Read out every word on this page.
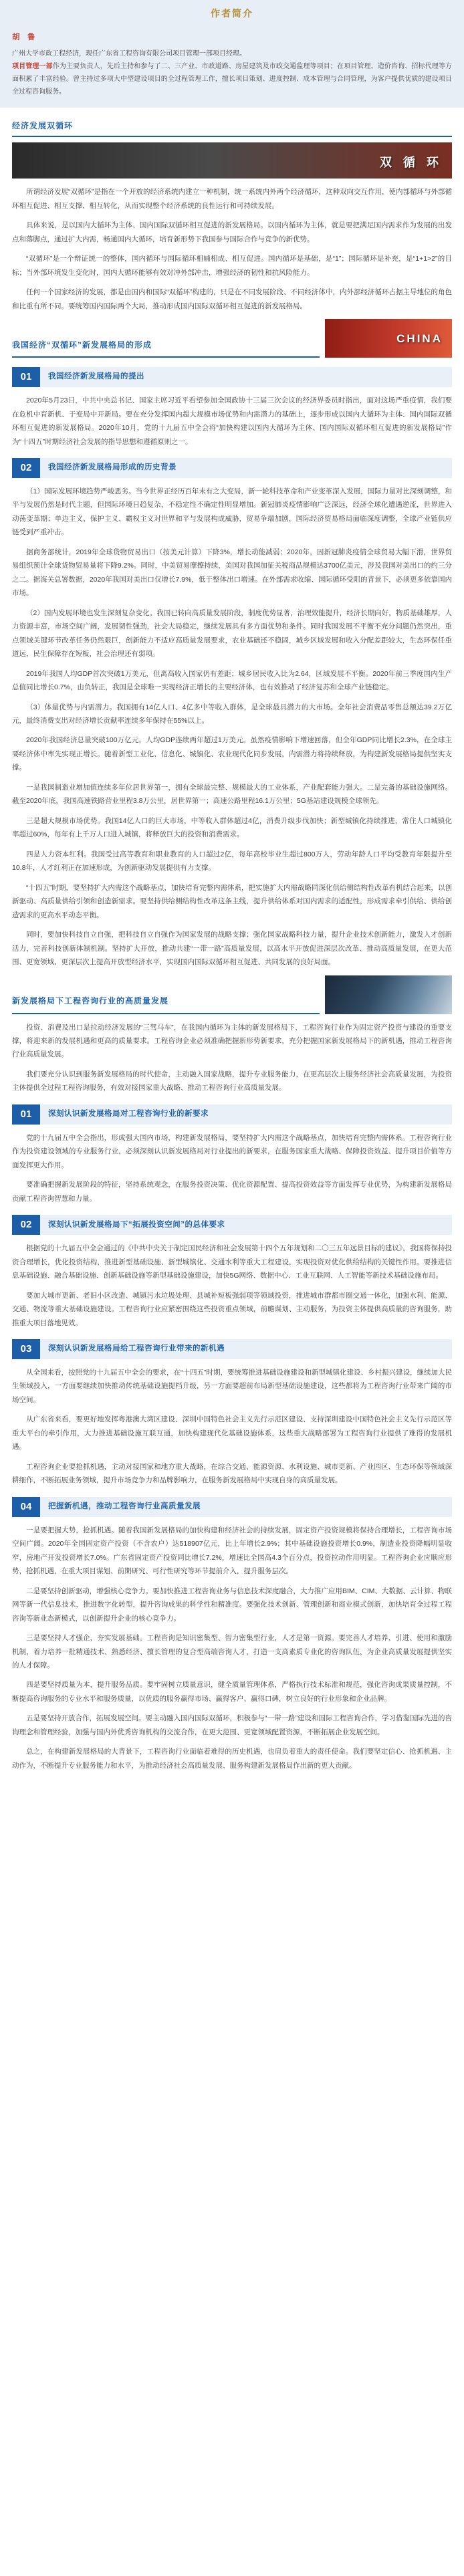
作者简介
胡 鲁
广州大学市政工程经济，现任广东省工程咨询有限公司项目管理一部项目经理。
项目管理一部作为主要负责人，先后主持和参与了二、三产业、市政道路、房屋建筑及市政交通监理等项目；在项目管理、造价咨询、招标代理等方面积累了丰富经验。曾主持过多项大中型建设项目的全过程管理工作，擅长项目策划、进度控制、成本管理与合同管理，为客户提供优质的建设项目全过程咨询服务。
经济发展双循环
双 循 环

所谓经济发展“双循环”是指在一个开放的经济系统内建立一种机制，统一系统内外两个经济循环，这种双向交互作用，使内部循环与外部循环相互促进、相互支撑、相互转化，从而实现整个经济系统的良性运行和可持续发展。

具体来说，是以国内大循环为主体、国内国际双循环相互促进的新发展格局。以国内循环为主体，就是要把满足国内需求作为发展的出发点和落脚点，通过扩大内需，畅通国内大循环，培育新形势下我国参与国际合作与竞争的新优势。

“双循环”是一个辩证统一的整体，国内循环与国际循环相辅相成、相互促进。国内循环是基础，是“1”；国际循环是补充，是“1+1>2”的目标；当外部环境发生变化时，国内大循环能够有效对冲外部冲击，增强经济的韧性和抗风险能力。

任何一个国家经济的发展，都是由国内和国际“双循环”构建的，只是在不同发展阶段、不同经济体中，内外部经济循环占据主导地位的角色和比重有所不同。要统筹国内国际两个大局，推动形成国内国际双循环相互促进的新发展格局。

我国经济“双循环”新发展格局的形成	CHINA
01	我国经济新发展格局的提出

2020年5月23日，中共中央总书记、国家主席习近平看望参加全国政协十三届三次会议的经济界委员时指出，面对这场严重疫情，我们要在危机中育新机、于变局中开新局。要在充分发挥国内超大规模市场优势和内需潜力的基础上，逐步形成以国内大循环为主体、国内国际双循环相互促进的新发展格局。2020年10月，党的十九届五中全会将“加快构建以国内大循环为主体、国内国际双循环相互促进的新发展格局”作为“十四五”时期经济社会发展的指导思想和遵循原则之一。

02	我国经济新发展格局形成的历史背景

（1）国际发展环境趋势严峻恶劣。当今世界正经历百年未有之大变局，新一轮科技革命和产业变革深入发展，国际力量对比深刻调整，和平与发展仍然是时代主题，但国际环境日趋复杂，不稳定性不确定性明显增加。新冠肺炎疫情影响广泛深远，经济全球化遭遇逆流，世界进入动荡变革期；单边主义、保护主义、霸权主义对世界和平与发展构成威胁，贸易争端加剧，国际经济贸易格局面临深度调整，全球产业链供应链受到严重冲击。

据商务部统计，2019年全球货物贸易出口（按美元计算）下降3%，增长动能减弱；2020年，因新冠肺炎疫情全球贸易大幅下滑，世界贸易组织预计全球货物贸易量将下降9.2%。同时，中美贸易摩擦持续，美国对我国加征关税商品规模达3700亿美元，涉及我国对美出口的约三分之二。据海关总署数据，2020年我国对美出口仅增长7.9%，低于整体出口增速。在外部需求收缩、国际循环受阻的背景下，必须更多依靠国内市场。

（2）国内发展环境也发生深刻复杂变化。我国已转向高质量发展阶段，制度优势显著，治理效能提升，经济长期向好，物质基础雄厚，人力资源丰富，市场空间广阔，发展韧性强劲，社会大局稳定，继续发展具有多方面优势和条件。同时我国发展不平衡不充分问题仍然突出，重点领域关键环节改革任务仍然艰巨，创新能力不适应高质量发展要求，农业基础还不稳固，城乡区域发展和收入分配差距较大，生态环保任重道远，民生保障存在短板，社会治理还有弱项。

2019年我国人均GDP首次突破1万美元，但离高收入国家仍有差距；城乡居民收入比为2.64，区域发展不平衡。2020年前三季度国内生产总值同比增长0.7%，由负转正，我国是全球唯一实现经济正增长的主要经济体，也有效推动了经济复苏和全球产业链稳定。

（3）体量优势与内需潜力。我国拥有14亿人口、4亿多中等收入群体，是全球最具潜力的大市场。全年社会消费品零售总额达39.2万亿元，最终消费支出对经济增长贡献率连续多年保持在55%以上。

2020年我国经济总量突破100万亿元，人均GDP连续两年超过1万美元。虽然疫情影响下增速回落，但全年GDP同比增长2.3%，在全球主要经济体中率先实现正增长。随着新型工业化、信息化、城镇化、农业现代化同步发展，内需潜力将持续释放，为构建新发展格局提供坚实支撑。

一是我国制造业增加值连续多年位居世界第一，拥有全球最完整、规模最大的工业体系，产业配套能力强大。二是完备的基础设施网络。截至2020年底，我国高速铁路营业里程3.8万公里，居世界第一；高速公路里程16.1万公里；5G基站建设规模全球领先。

三是超大规模市场优势。我国14亿人口的巨大市场，中等收入群体超过4亿，消费升级步伐加快；新型城镇化持续推进，常住人口城镇化率超过60%，每年有上千万人口进入城镇，将释放巨大的投资和消费需求。

四是人力资本红利。我国受过高等教育和职业教育的人口超过2亿，每年高校毕业生超过800万人，劳动年龄人口平均受教育年限提升至10.8年，人才红利正在加速形成，为创新驱动发展提供有力支撑。

“十四五”时期，要坚持扩大内需这个战略基点，加快培育完整内需体系，把实施扩大内需战略同深化供给侧结构性改革有机结合起来，以创新驱动、高质量供给引领和创造新需求。要坚持供给侧结构性改革这条主线，提升供给体系对国内需求的适配性，形成需求牵引供给、供给创造需求的更高水平动态平衡。

同时，要加快科技自立自强，把科技自立自强作为国家发展的战略支撑；强化国家战略科技力量，提升企业技术创新能力，激发人才创新活力，完善科技创新体制机制。坚持扩大开放，推动共建“一带一路”高质量发展，以高水平开放促进深层次改革、推动高质量发展，在更大范围、更宽领域、更深层次上提高开放型经济水平，实现国内国际双循环相互促进、共同发展的良好局面。

新发展格局下工程咨询行业的高质量发展

投资、消费及出口是拉动经济发展的“三驾马车”，在我国内循环为主体的新发展格局下，工程咨询行业作为固定资产投资与建设的重要支撑，将迎来新的发展机遇和更高的质量要求。工程咨询企业必须准确把握新形势新要求，充分把握国家新发展格局下的新机遇，推动工程咨询行业高质量发展。

我们要充分认识到服务新发展格局的时代使命，主动融入国家战略，提升专业服务能力，在更高层次上服务经济社会高质量发展，为投资主体提供全过程工程咨询服务，有效对接国家重大战略、推动工程咨询行业高质量发展。

01	深刻认识新发展格局对工程咨询行业的新要求

党的十九届五中全会指出，形成强大国内市场，构建新发展格局，要坚持扩大内需这个战略基点，加快培育完整内需体系。工程咨询行业作为投资建设领域的专业服务行业，必须深刻认识新发展格局对行业提出的新要求，在服务国家重大战略、保障投资效益、提升项目价值等方面发挥更大作用。

要准确把握新发展阶段的特征，坚持系统观念，在服务投资决策、优化资源配置、提高投资效益等方面发挥专业优势，为构建新发展格局贡献工程咨询智慧和力量。

02	深刻认识新发展格局下“拓展投资空间”的总体要求

根据党的十九届五中全会通过的《中共中央关于制定国民经济和社会发展第十四个五年规划和二〇三五年远景目标的建议》，我国将保持投资合理增长，优化投资结构，推进新型基础设施、新型城镇化、交通水利等重大工程建设，实现投资对优化供给结构的关键性作用。要推进信息基础设施、融合基础设施、创新基础设施等新型基础设施建设，加快5G网络、数据中心、工业互联网、人工智能等新技术基础设施布局。

要加大城市更新、老旧小区改造、城镇污水垃圾处理、县城补短板强弱项等领域投资，推进城市群都市圈交通一体化，加强水利、能源、交通、物流等重大基础设施建设。工程咨询行业应紧密围绕这些投资重点领域，前瞻谋划、主动服务，为投资主体提供高质量的咨询服务，助推重大项目落地见效。

03	深刻认识新发展格局给工程咨询行业带来的新机遇

从全国来看，按照党的十九届五中全会的要求，在“十四五”时期，要统筹推进基础设施建设和新型城镇化建设、乡村振兴建设，继续加大民生领域投入，一方面要继续加快推动传统基础设施提档升级，另一方面要超前布局新型基础设施建设，这些都将为工程咨询行业带来广阔的市场空间。

从广东省来看，要更好地发挥粤港澳大湾区建设、深圳中国特色社会主义先行示范区建设、支持深圳建设中国特色社会主义先行示范区等重大平台的牵引作用，大力推进基础设施互联互通，加快构建现代化基础设施体系，这些重大战略部署为工程咨询行业提供了难得的发展机遇。

工程咨询企业要抢抓机遇，主动对接国家和地方重大战略，在综合交通、能源资源、水利设施、城市更新、产业园区、生态环保等领域深耕细作，不断拓展业务领域，提升市场竞争力和品牌影响力，在服务新发展格局中实现自身的高质量发展。

04	把握新机遇，推动工程咨询行业高质量发展

一是要把握大势，抢抓机遇。随着我国新发展格局的加快构建和经济社会的持续发展，固定资产投资规模将保持合理增长，工程咨询市场空间广阔。2020年全国固定资产投资（不含农户）达518907亿元，比上年增长2.9%；其中基础设施投资增长0.9%，制造业投资降幅明显收窄，房地产开发投资增长7.0%。广东省固定资产投资同比增长7.2%，增速比全国高4.3个百分点，投资拉动作用明显。工程咨询企业应顺应形势，抢抓机遇，在重大项目谋划、前期研究、可行性研究等环节提前介入，提升服务层次。

二是要坚持创新驱动，增强核心竞争力。要加快推进工程咨询业务与信息技术深度融合，大力推广应用BIM、CIM、大数据、云计算、物联网等新一代信息技术，推进数字化转型，提升咨询成果的科学性和精准度。要强化技术创新、管理创新和商业模式创新，加快培育全过程工程咨询等新业态新模式，以创新提升企业的核心竞争力。

三是要坚持人才强企，夯实发展基础。工程咨询是知识密集型、智力密集型行业，人才是第一资源。要完善人才培养、引进、使用和激励机制，着力培养一批精通技术、熟悉经济、擅长管理的复合型高端咨询人才，打造一支高素质专业化的咨询队伍，为企业高质量发展提供坚实的人才保障。

四是要坚持质量为本，提升服务品质。要牢固树立质量意识，健全质量管理体系，严格执行技术标准和规范，强化咨询成果质量控制，不断提高咨询服务的专业水平和服务质量，以优质的服务赢得市场、赢得客户、赢得口碑，树立良好的行业形象和企业品牌。

五是要坚持开放合作，拓展发展空间。要主动融入国内国际双循环，积极参与“一带一路”建设和国际工程咨询合作，学习借鉴国际先进的咨询理念和管理经验，加强与国内外优秀咨询机构的交流合作，在更大范围、更宽领域配置资源，不断拓展企业发展空间。

总之，在构建新发展格局的大背景下，工程咨询行业面临着难得的历史机遇，也肩负着重大的责任使命。我们要坚定信心、抢抓机遇、主动作为，不断提升专业服务能力和水平，为推动经济社会高质量发展、服务构建新发展格局作出新的更大贡献。
